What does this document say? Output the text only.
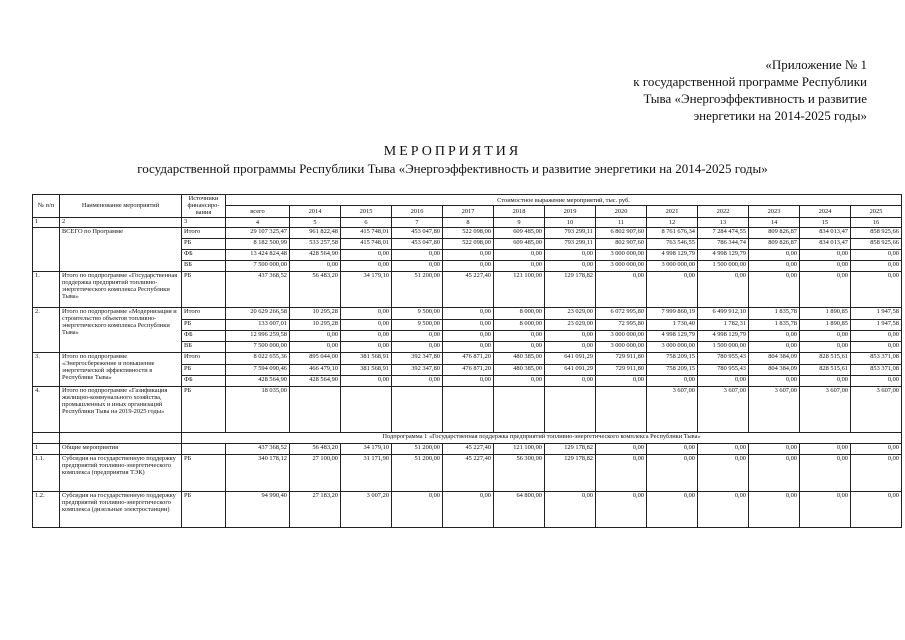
«Приложение № 1
к государственной программе Республики
Тыва «Энергоэффективность и развитие
энергетики на 2014-2025 годы»
МЕРОПРИЯТИЯ
государственной программы Республики Тыва «Энергоэффективность и развитие энергетики на 2014-2025 годы»
№ п/п	Наименование мероприятий	Источники финансиро-вания	Стоимостное выражение мероприятий, тыс. руб.												
			всего	2014	2015	2016	2017	2018	2019	2020	2021	2022	2023	2024	2025
1	2	3	4	5	6	7	8	9	10	11	12	13	14	15	16
	ВСЕГО по Программе	Итого	29 107 325,47	961 822,48	415 748,01	453 047,80	522 098,00	609 485,00	793 299,11	6 802 907,60	8 761 676,34	7 284 474,55	809 826,87	834 013,47	858 925,66
		РБ	8 182 500,99	533 257,58	415 748,01	453 047,80	522 098,00	609 485,00	793 299,11	802 907,60	763 546,55	786 344,74	809 826,87	834 013,47	858 925,66
		ФБ	13 424 824,48	428 564,90	0,00	0,00	0,00	0,00	0,00	3 000 000,00	4 998 129,79	4 998 129,79	0,00	0,00	0,00
		ВБ	7 500 000,00	0,00	0,00	0,00	0,00	0,00	0,00	3 000 000,00	3 000 000,00	1 500 000,00	0,00	0,00	0,00
1.	Итого по подпрограмме «Государственная поддержка предприятий топливно-энергетического комплекса Республики Тыва»	РБ	437 368,52	56 483,20	34 179,10	51 200,00	45 227,40	121 100,00	129 178,82	0,00	0,00	0,00	0,00	0,00	0,00
2.	Итого по подпрограмме «Модернизация и строительство объектов топливно-энергетического комплекса Республики Тыва»	Итого	20 629 266,58	10 295,28	0,00	9 500,00	0,00	8 000,00	23 029,00	6 072 995,80	7 999 860,19	6 499 912,10	1 835,78	1 890,85	1 947,58
		РБ	133 007,01	10 295,28	0,00	9 500,00	0,00	8 000,00	23 029,00	72 995,80	1 730,40	1 782,31	1 835,78	1 890,85	1 947,58
		ФБ	12 996 259,58	0,00	0,00	0,00	0,00	0,00	0,00	3 000 000,00	4 998 129,79	4 998 129,79	0,00	0,00	0,00
		ВБ	7 500 000,00	0,00	0,00	0,00	0,00	0,00	0,00	3 000 000,00	3 000 000,00	1 500 000,00	0,00	0,00	0,00
3.	Итого по подпрограмме «Энергосбережение и повышение энергетической эффективности в Республике Тыва»	Итого	8 022 655,36	895 044,00	381 568,91	392 347,80	476 871,20	480 385,00	641 091,29	729 911,80	758 209,15	780 955,43	804 384,09	828 515,61	853 371,08
		РБ	7 594 090,46	466 479,10	381 568,91	392 347,80	476 871,20	480 385,00	641 091,29	729 911,80	758 209,15	780 955,43	804 384,09	828 515,61	853 371,08
		ФБ	428 564,90	428 564,90	0,00	0,00	0,00	0,00	0,00	0,00	0,00	0,00	0,00	0,00	0,00
4.	Итого по подпрограмме «Газификация жилищно-коммунального хозяйства, промышленных и иных организаций Республики Тыва на 2019-2025 годы»	РБ	18 035,00								3 607,00	3 607,00	3 607,00	3 607,00	3 607,00
		Подпрограмма 1 «Государственная поддержка предприятий топливно-энергетического комплекса Республики Тыва»													
1	Общие мероприятия		437 368,52	56 483,20	34 179,10	51 200,00	45 227,40	121 100,00	129 178,82	0,00	0,00	0,00	0,00	0,00	0,00
1.1.	Субсидия на государственную поддержку предприятий топливно-энергетического комплекса (предприятия ТЭК)	РБ	340 178,12	27 100,00	31 171,90	51 200,00	45 227,40	56 300,00	129 178,82	0,00	0,00	0,00	0,00	0,00	0,00
1.2.	Субсидия на государственную поддержку предприятий топливно-энергетического комплекса (дизельные электростанции)	РБ	94 990,40	27 183,20	3 007,20	0,00	0,00	64 800,00	0,00	0,00	0,00	0,00	0,00	0,00	0,00
